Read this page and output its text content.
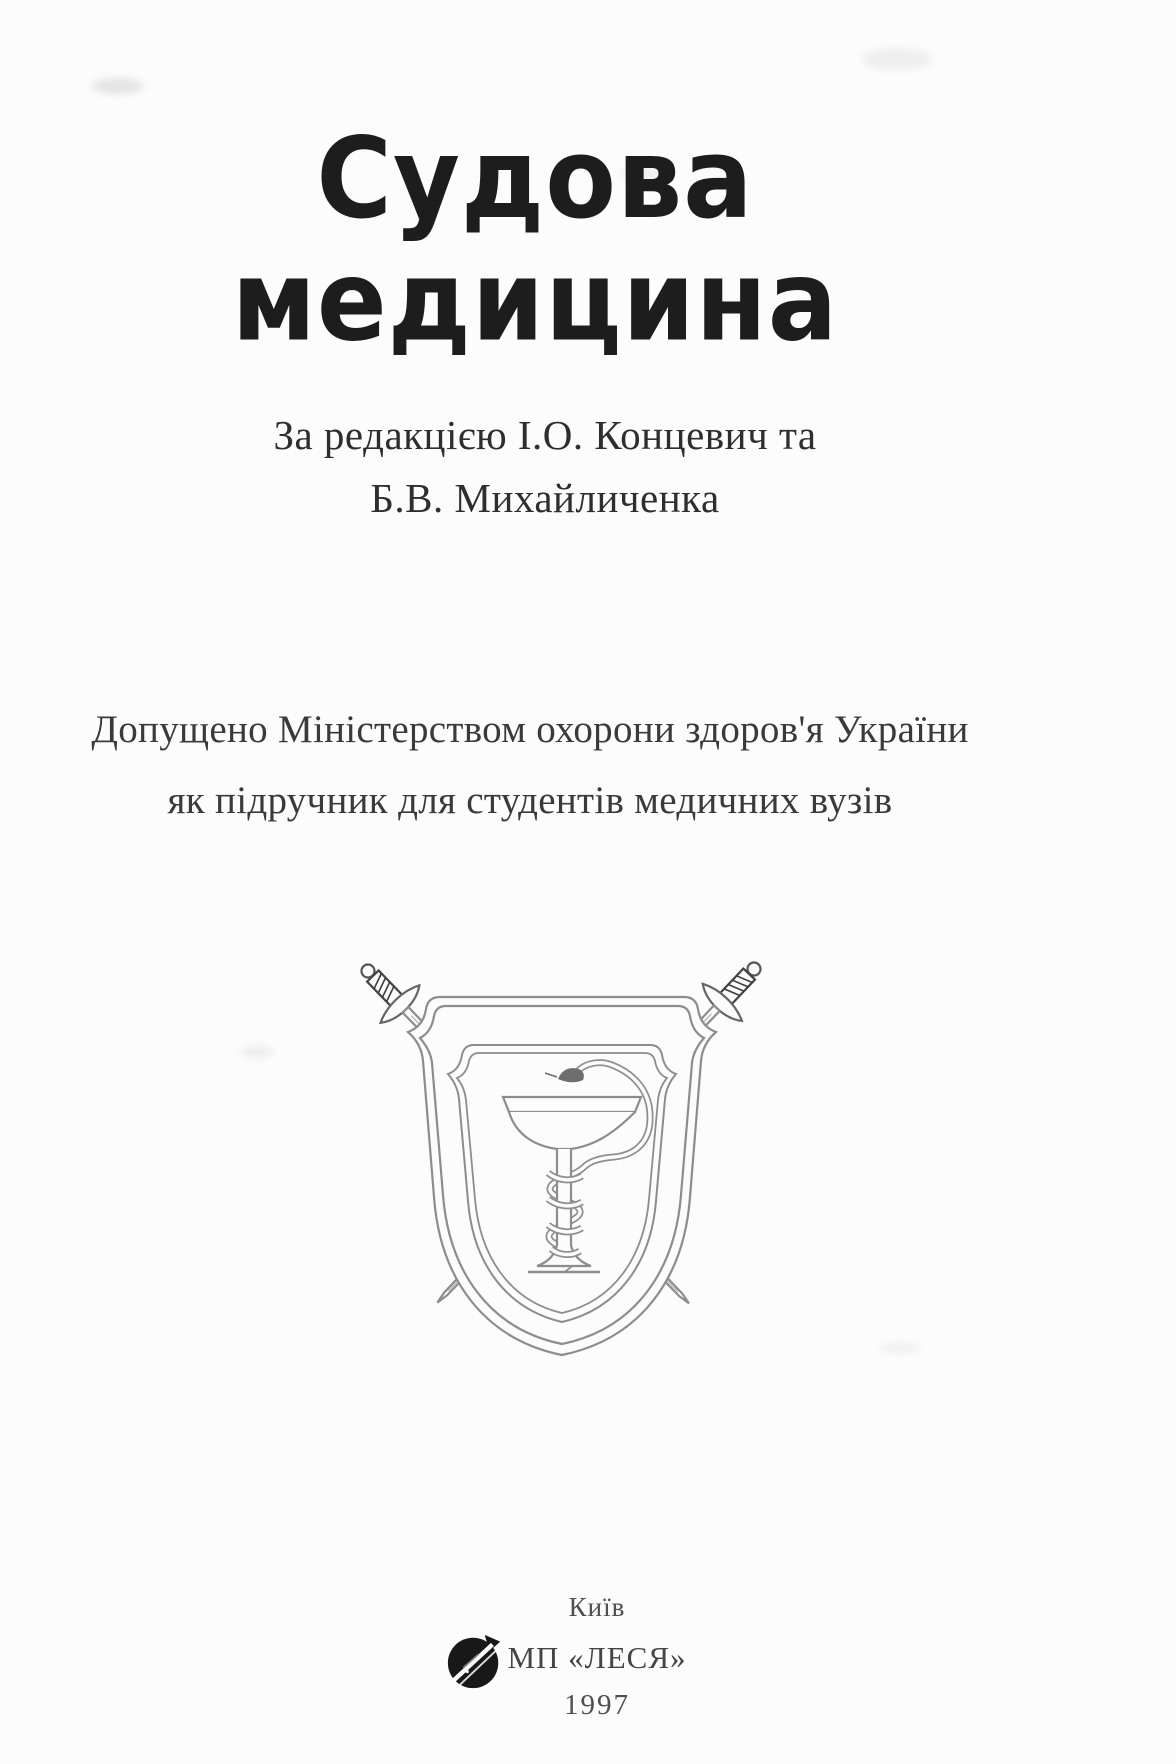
Судова медицина
За редакцією І.О. Концевич та
Б.В. Михайличенка
Допущено Міністерством охорони здоров'я України
як підручник для студентів медичних вузів
Київ
МП «ЛЕСЯ»
1997
